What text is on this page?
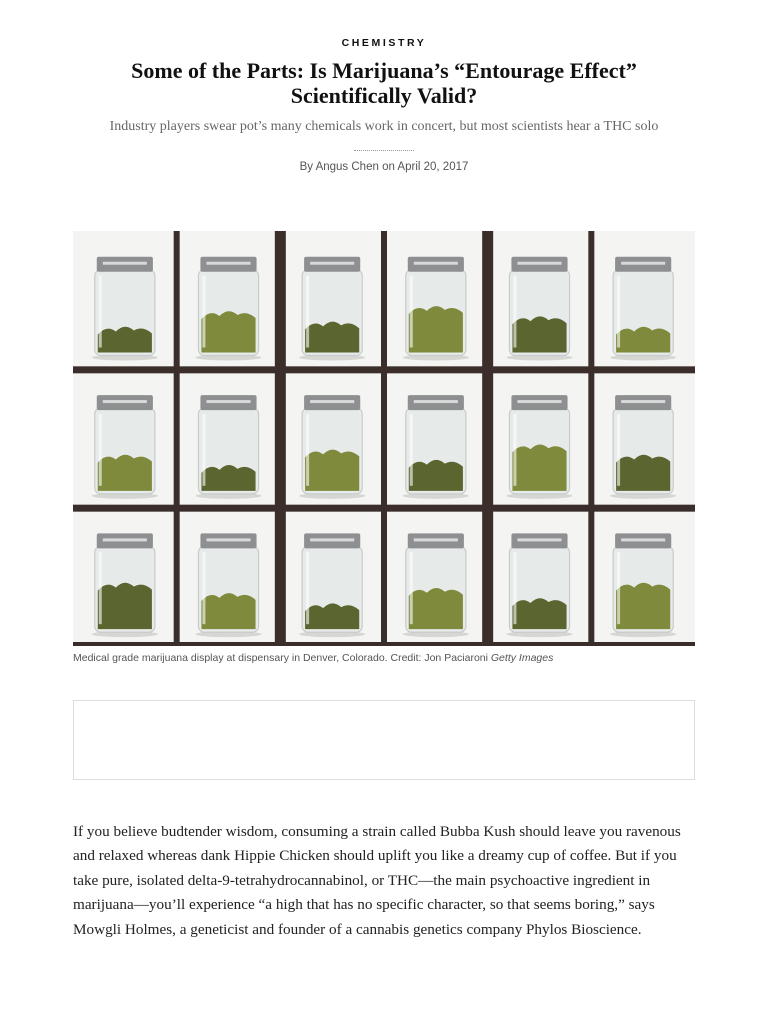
CHEMISTRY
Some of the Parts: Is Marijuana’s “Entourage Effect” Scientifically Valid?
Industry players swear pot’s many chemicals work in concert, but most scientists hear a THC solo
By Angus Chen on April 20, 2017
Medical grade marijuana display at dispensary in Denver, Colorado. Credit: Jon Paciaroni Getty Images

If you believe budtender wisdom, consuming a strain called Bubba Kush should leave you ravenous and relaxed whereas dank Hippie Chicken should uplift you like a dreamy cup of coffee. But if you take pure, isolated delta-9-tetrahydrocannabinol, or THC—the main psychoactive ingredient in marijuana—you’ll experience “a high that has no specific character, so that seems boring,” says Mowgli Holmes, a geneticist and founder of a cannabis genetics company Phylos Bioscience.
